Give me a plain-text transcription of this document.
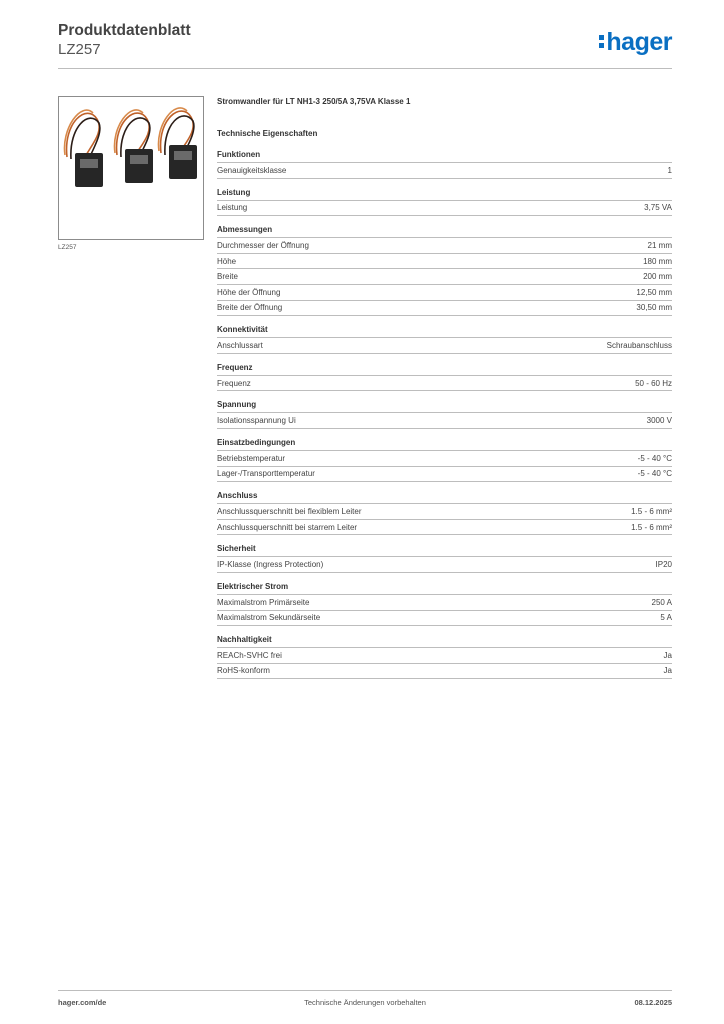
Produktdatenblatt
LZ257	hager
LZ257
Stromwandler für LT NH1-3 250/5A 3,75VA Klasse 1
Technische Eigenschaften
Funktionen
Genauigkeitsklasse	1
Leistung
Leistung	3,75 VA
Abmessungen
Durchmesser der Öffnung	21 mm
Höhe	180 mm
Breite	200 mm
Höhe der Öffnung	12,50 mm
Breite der Öffnung	30,50 mm
Konnektivität
Anschlussart	Schraubanschluss
Frequenz
Frequenz	50 - 60 Hz
Spannung
Isolationsspannung Ui	3000 V
Einsatzbedingungen
Betriebstemperatur	-5 - 40 °C
Lager-/Transporttemperatur	-5 - 40 °C
Anschluss
Anschlussquerschnitt bei flexiblem Leiter	1.5 - 6 mm²
Anschlussquerschnitt bei starrem Leiter	1.5 - 6 mm²
Sicherheit
IP-Klasse (Ingress Protection)	IP20
Elektrischer Strom
Maximalstrom Primärseite	250 A
Maximalstrom Sekundärseite	5 A
Nachhaltigkeit
REACh-SVHC frei	Ja
RoHS-konform	Ja
hager.com/de	Technische Änderungen vorbehalten	08.12.2025
